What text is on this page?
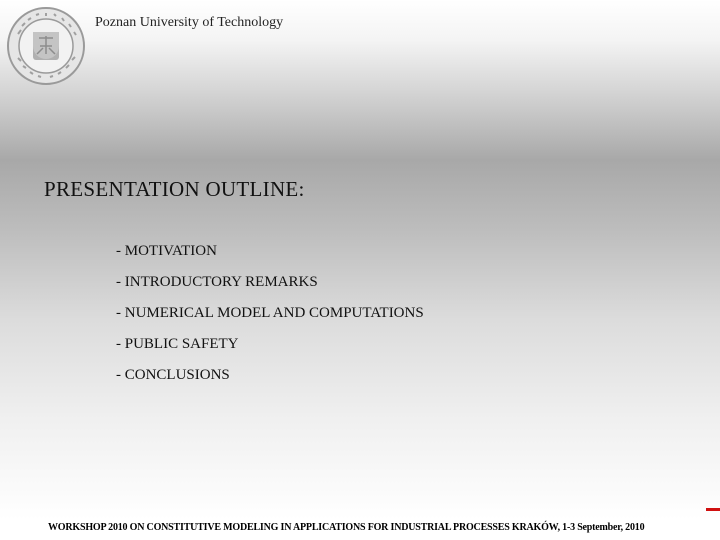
Poznan University of Technology
PRESENTATION OUTLINE:
- MOTIVATION
- INTRODUCTORY REMARKS
- NUMERICAL MODEL AND COMPUTATIONS
- PUBLIC SAFETY
- CONCLUSIONS
WORKSHOP 2010 ON CONSTITUTIVE MODELING IN APPLICATIONS FOR INDUSTRIAL PROCESSES KRAKÓW, 1-3 September, 2010
